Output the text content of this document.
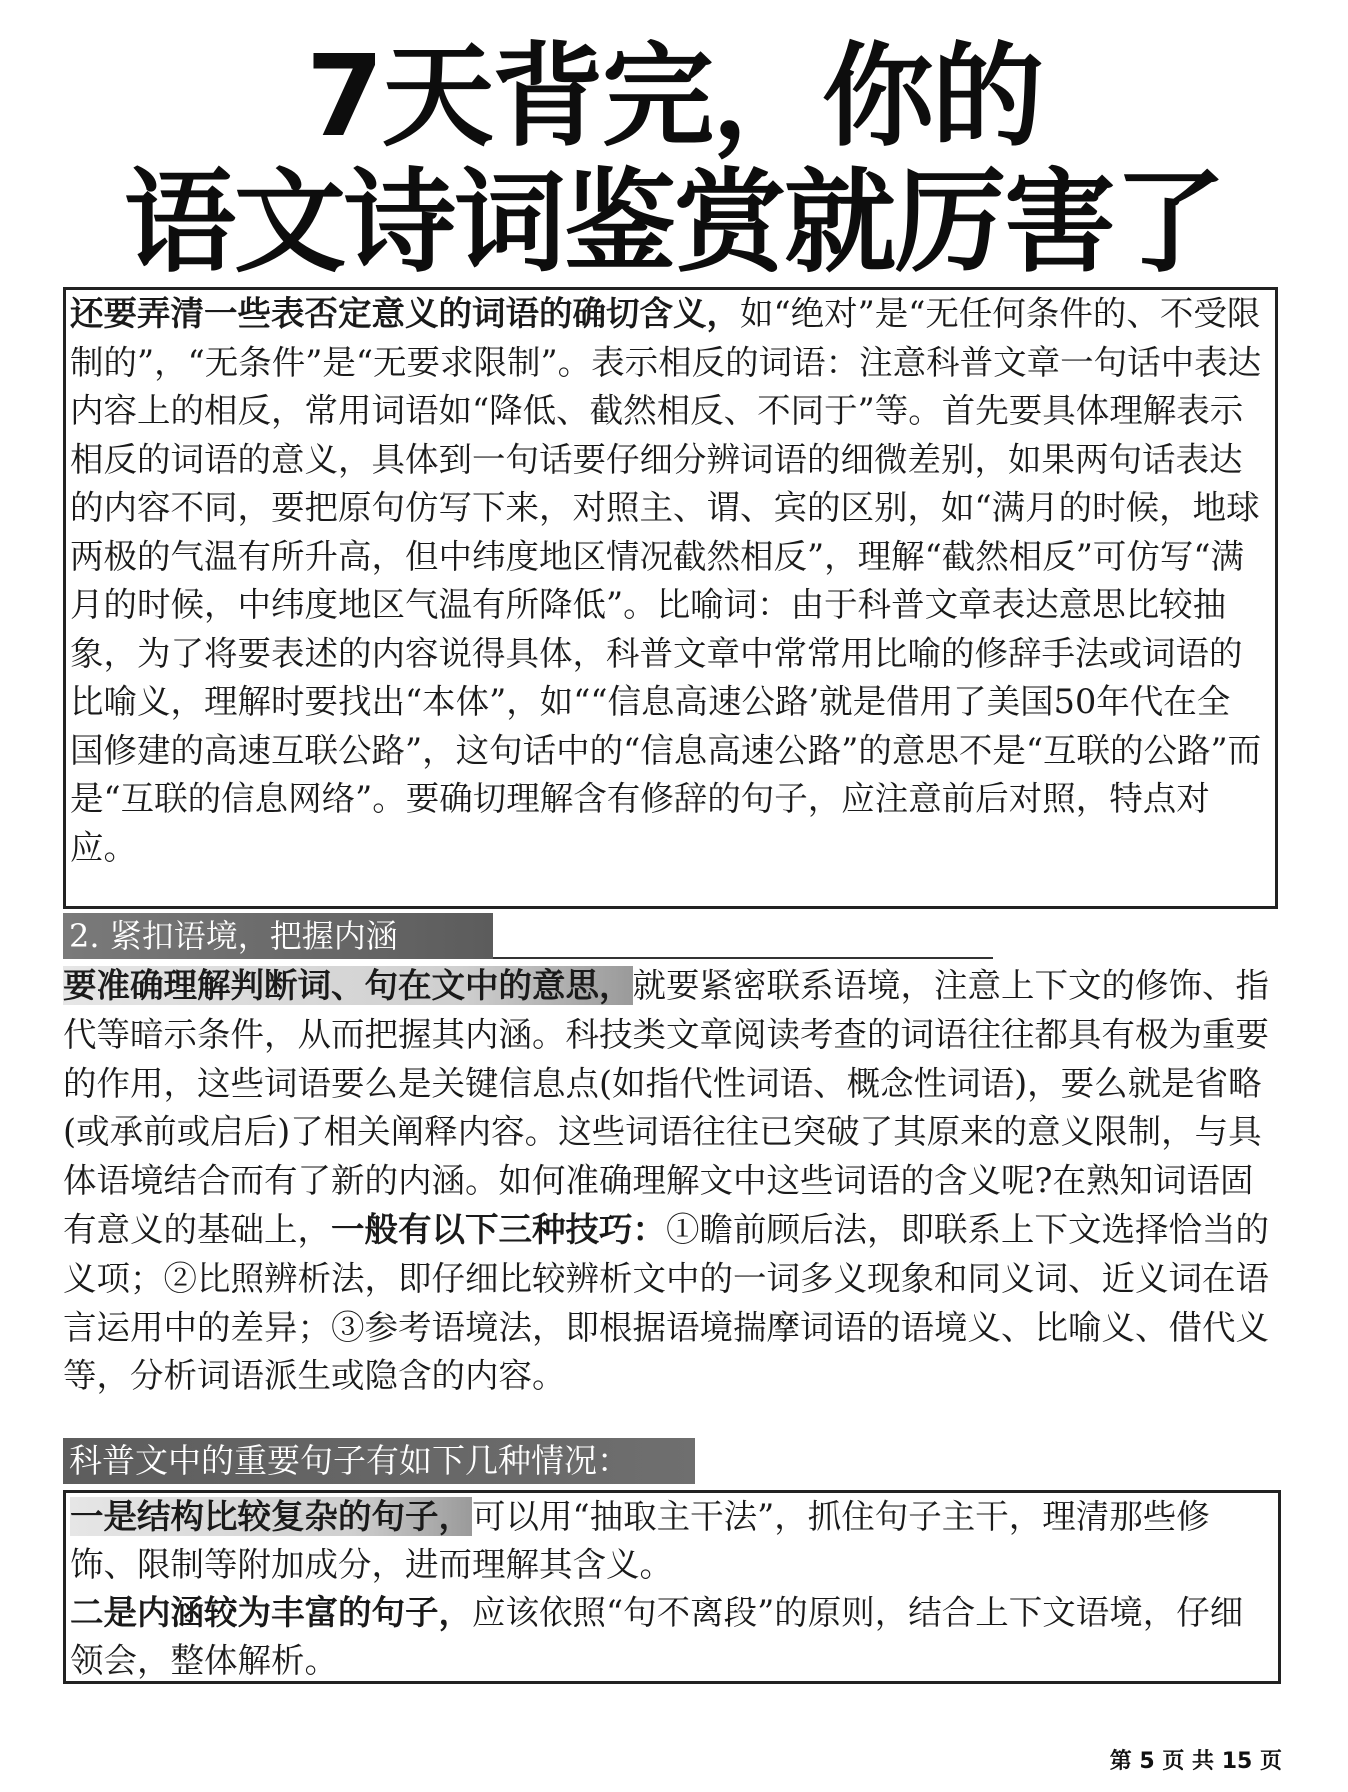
7天背完，你的
语文诗词鉴赏就厉害了

还要弄清一些表否定意义的词语的确切含义，如“绝对”是“无任何条件的、不受限制的”，“无条件”是“无要求限制”。表示相反的词语：注意科普文章一句话中表达内容上的相反，常用词语如“降低、截然相反、不同于”等。首先要具体理解表示相反的词语的意义，具体到一句话要仔细分辨词语的细微差别，如果两句话表达的内容不同，要把原句仿写下来，对照主、谓、宾的区别，如“满月的时候，地球两极的气温有所升高，但中纬度地区情况截然相反”，理解“截然相反”可仿写“满月的时候，中纬度地区气温有所降低”。比喻词：由于科普文章表达意思比较抽象，为了将要表述的内容说得具体，科普文章中常常用比喻的修辞手法或词语的比喻义，理解时要找出“本体”，如““信息高速公路’就是借用了美国50年代在全国修建的高速互联公路”，这句话中的“信息高速公路”的意思不是“互联的公路”而是“互联的信息网络”。要确切理解含有修辞的句子，应注意前后对照，特点对应。

2. 紧扣语境，把握内涵

要准确理解判断词、句在文中的意思，就要紧密联系语境，注意上下文的修饰、指代等暗示条件，从而把握其内涵。科技类文章阅读考查的词语往往都具有极为重要的作用，这些词语要么是关键信息点(如指代性词语、概念性词语)，要么就是省略(或承前或启后)了相关阐释内容。这些词语往往已突破了其原来的意义限制，与具体语境结合而有了新的内涵。如何准确理解文中这些词语的含义呢?在熟知词语固有意义的基础上，一般有以下三种技巧：①瞻前顾后法，即联系上下文选择恰当的义项；②比照辨析法，即仔细比较辨析文中的一词多义现象和同义词、近义词在语言运用中的差异；③参考语境法，即根据语境揣摩词语的语境义、比喻义、借代义等，分析词语派生或隐含的内容。

科普文中的重要句子有如下几种情况：

一是结构比较复杂的句子，可以用“抽取主干法”，抓住句子主干，理清那些修饰、限制等附加成分，进而理解其含义。

二是内涵较为丰富的句子，应该依照“句不离段”的原则，结合上下文语境，仔细领会，整体解析。

第 5 页 共 15 页
